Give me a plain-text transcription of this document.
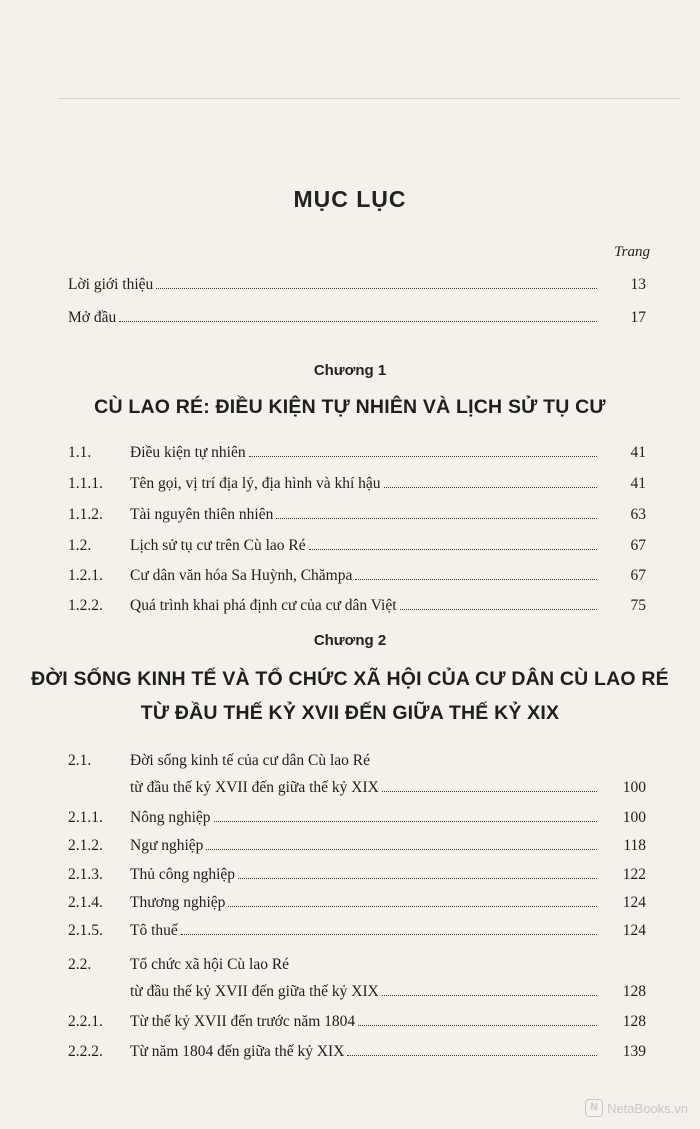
MỤC LỤC
Trang
Lời giới thiệu	13
Mở đầu	17
Chương 1
CÙ LAO RÉ: ĐIỀU KIỆN TỰ NHIÊN VÀ LỊCH SỬ TỤ CƯ
1.1.	Điều kiện tự nhiên	41
1.1.1. Tên gọi, vị trí địa lý, địa hình và khí hậu	41
1.1.2. Tài nguyên thiên nhiên	63
1.2.	Lịch sử tụ cư trên Cù lao Ré	67
1.2.1. Cư dân văn hóa Sa Huỳnh, Chămpa	67
1.2.2. Quá trình khai phá định cư của cư dân Việt	75
Chương 2
ĐỜI SỐNG KINH TẾ VÀ TỔ CHỨC XÃ HỘI CỦA CƯ DÂN CÙ LAO RÉ
TỪ ĐẦU THẾ KỶ XVII ĐẾN GIỮA THẾ KỶ XIX
2.1.	Đời sống kinh tế của cư dân Cù lao Ré
từ đầu thế kỷ XVII đến giữa thế kỷ XIX	100
2.1.1. Nông nghiệp	100
2.1.2. Ngư nghiệp	118
2.1.3. Thủ công nghiệp	122
2.1.4. Thương nghiệp	124
2.1.5. Tô thuế	124
2.2.	Tổ chức xã hội Cù lao Ré
từ đầu thế kỷ XVII đến giữa thế kỷ XIX	128
2.2.1. Từ thế kỷ XVII đến trước năm 1804	128
2.2.2. Từ năm 1804 đến giữa thế kỷ XIX	139
N NetaBooks.vn
